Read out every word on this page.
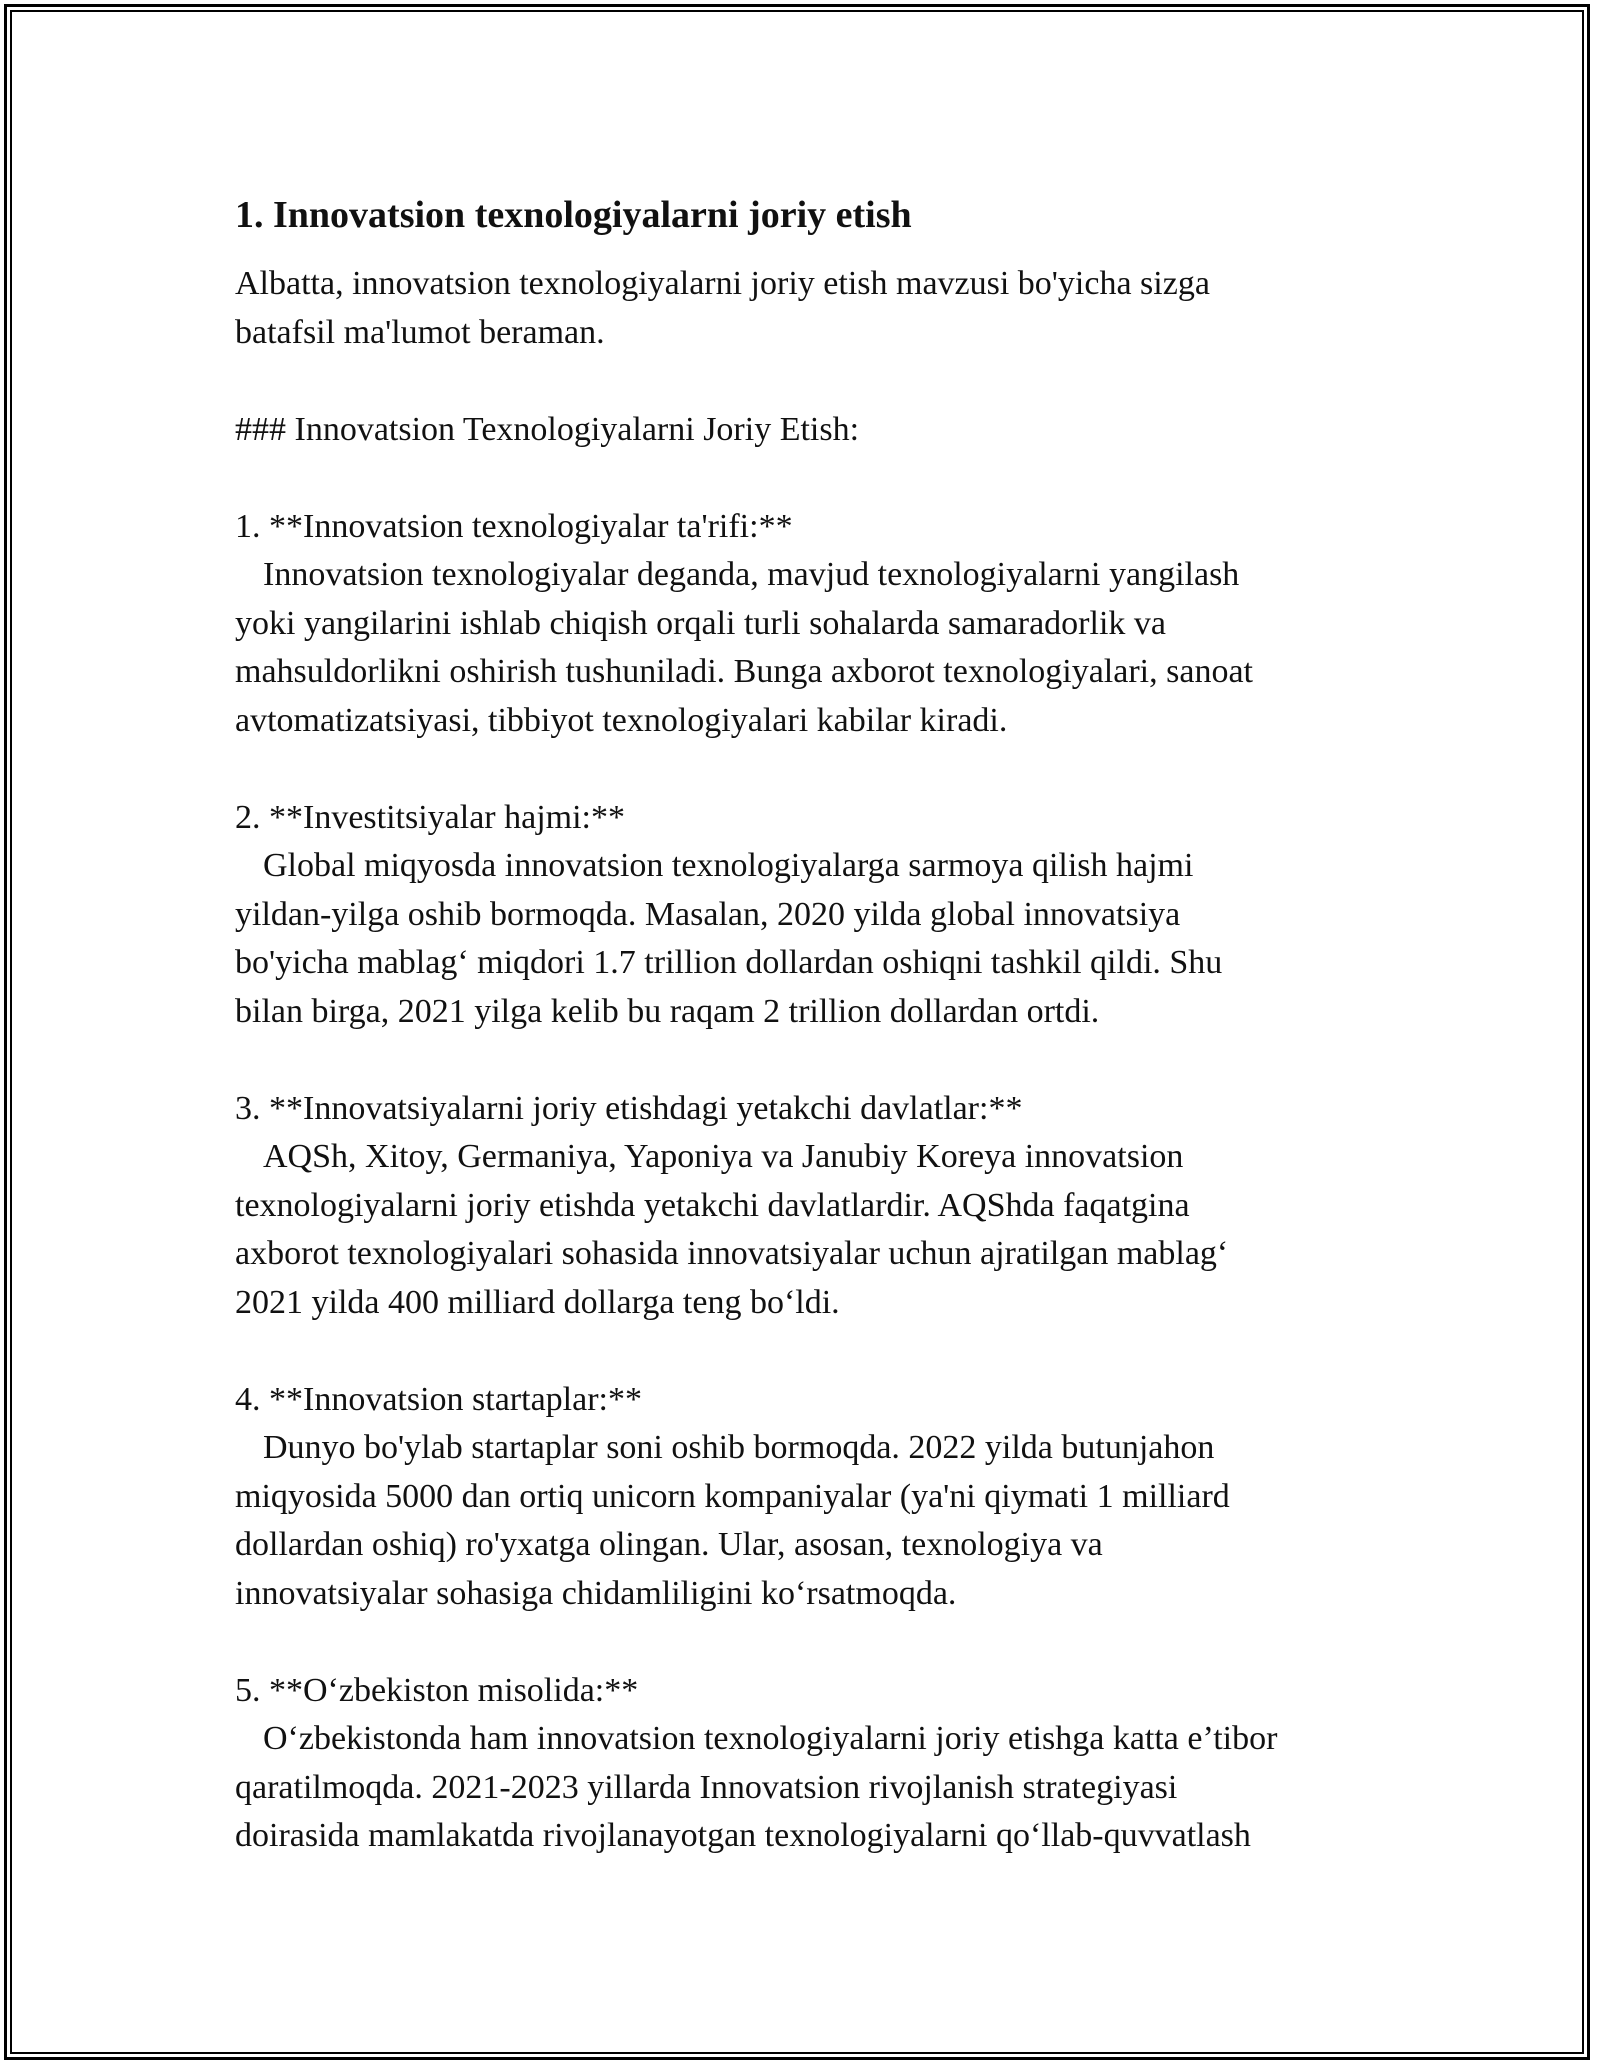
1. Innovatsion texnologiyalarni joriy etish

Albatta, innovatsion texnologiyalarni joriy etish mavzusi bo'yicha sizga
batafsil ma'lumot beraman.

### Innovatsion Texnologiyalarni Joriy Etish:

1. **Innovatsion texnologiyalar ta'rifi:**
Innovatsion texnologiyalar deganda, mavjud texnologiyalarni yangilash
yoki yangilarini ishlab chiqish orqali turli sohalarda samaradorlik va
mahsuldorlikni oshirish tushuniladi. Bunga axborot texnologiyalari, sanoat
avtomatizatsiyasi, tibbiyot texnologiyalari kabilar kiradi.

2. **Investitsiyalar hajmi:**
Global miqyosda innovatsion texnologiyalarga sarmoya qilish hajmi
yildan-yilga oshib bormoqda. Masalan, 2020 yilda global innovatsiya
bo'yicha mablag‘ miqdori 1.7 trillion dollardan oshiqni tashkil qildi. Shu
bilan birga, 2021 yilga kelib bu raqam 2 trillion dollardan ortdi.

3. **Innovatsiyalarni joriy etishdagi yetakchi davlatlar:**
AQSh, Xitoy, Germaniya, Yaponiya va Janubiy Koreya innovatsion
texnologiyalarni joriy etishda yetakchi davlatlardir. AQShda faqatgina
axborot texnologiyalari sohasida innovatsiyalar uchun ajratilgan mablag‘
2021 yilda 400 milliard dollarga teng bo‘ldi.

4. **Innovatsion startaplar:**
Dunyo bo'ylab startaplar soni oshib bormoqda. 2022 yilda butunjahon
miqyosida 5000 dan ortiq unicorn kompaniyalar (ya'ni qiymati 1 milliard
dollardan oshiq) ro'yxatga olingan. Ular, asosan, texnologiya va
innovatsiyalar sohasiga chidamliligini ko‘rsatmoqda.

5. **O‘zbekiston misolida:**
O‘zbekistonda ham innovatsion texnologiyalarni joriy etishga katta e’tibor
qaratilmoqda. 2021-2023 yillarda Innovatsion rivojlanish strategiyasi
doirasida mamlakatda rivojlanayotgan texnologiyalarni qo‘llab-quvvatlash
